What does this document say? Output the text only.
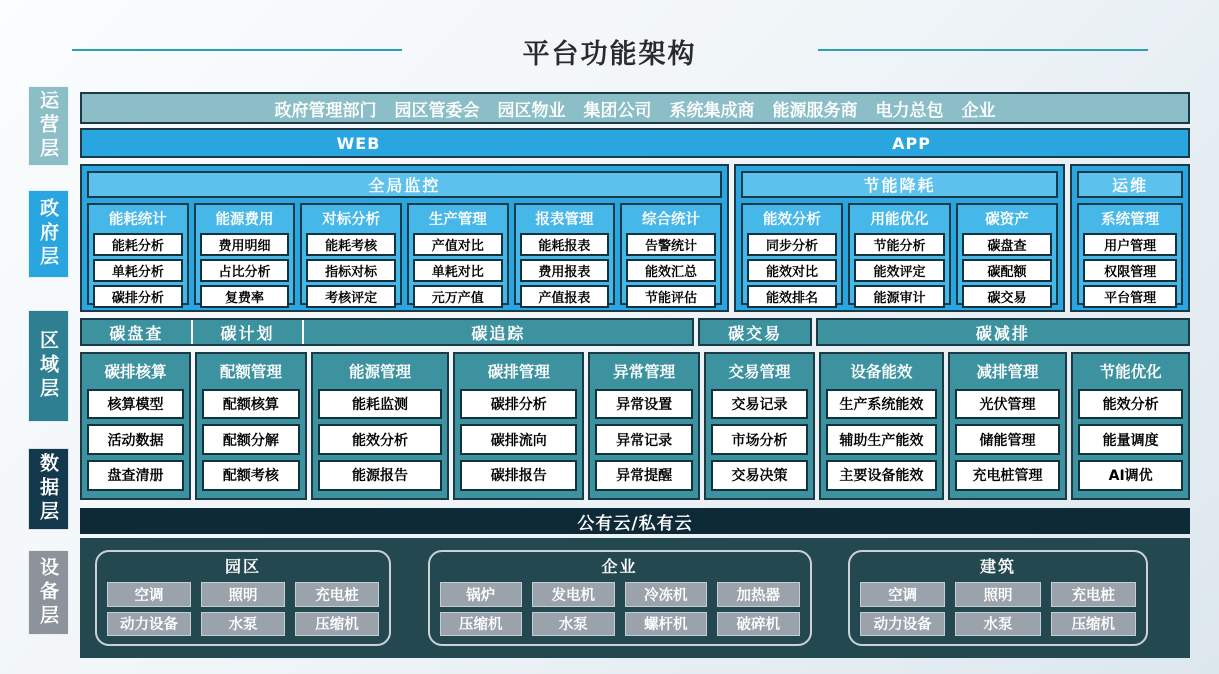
平台功能架构
运营层
政府层
区域层
数据层
设备层
政府管理部门 园区管委会 园区物业 集团公司 系统集成商 能源服务商 电力总包 企业
WEB	APP
全局监控
能耗统计
能耗分析
单耗分析
碳排分析
能源费用
费用明细
占比分析
复费率
对标分析
能耗考核
指标对标
考核评定
生产管理
产值对比
单耗对比
元万产值
报表管理
能耗报表
费用报表
产值报表
综合统计
告警统计
能效汇总
节能评估
节能降耗
能效分析
同步分析
能效对比
能效排名
用能优化
节能分析
能效评定
能源审计
碳资产
碳盘查
碳配额
碳交易
运维
系统管理
用户管理
权限管理
平台管理
碳盘查	碳计划	碳追踪	碳交易	碳减排
碳排核算
核算模型
活动数据
盘查清册
配额管理
配额核算
配额分解
配额考核
能源管理
能耗监测
能效分析
能源报告
碳排管理
碳排分析
碳排流向
碳排报告
异常管理
异常设置
异常记录
异常提醒
交易管理
交易记录
市场分析
交易决策
设备能效
生产系统能效
辅助生产能效
主要设备能效
减排管理
光伏管理
储能管理
充电桩管理
节能优化
能效分析
能量调度
AI调优
公有云/私有云
园区
空调	照明	充电桩
动力设备	水泵	压缩机
企业
锅炉	发电机	冷冻机	加热器
压缩机	水泵	螺杆机	破碎机
建筑
空调	照明	充电桩
动力设备	水泵	压缩机
